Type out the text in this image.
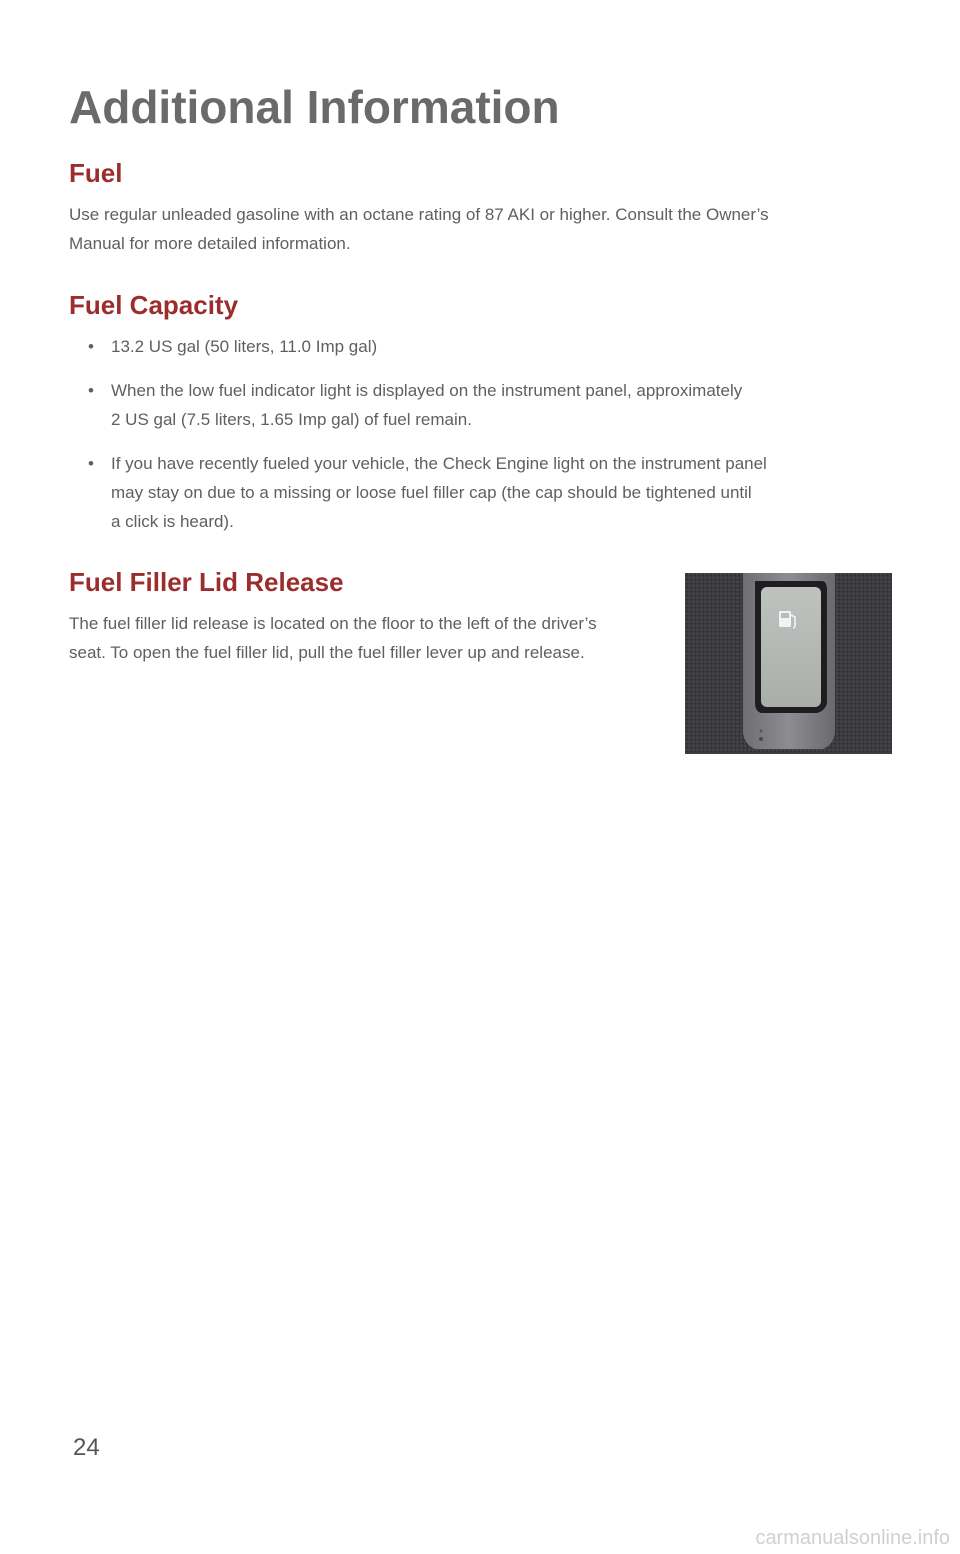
Additional Information
Fuel

Use regular unleaded gasoline with an octane rating of 87 AKI or higher. Consult the Owner’s
Manual for more detailed information.

Fuel Capacity
•	13.2 US gal (50 liters, 11.0 Imp gal)
•	When the low fuel indicator light is displayed on the instrument panel, approximately
2 US gal (7.5 liters, 1.65 Imp gal) of fuel remain.
•	If you have recently fueled your vehicle, the Check Engine light on the instrument panel
may stay on due to a missing or loose fuel filler cap (the cap should be tightened until
a click is heard).
Fuel Filler Lid Release

The fuel filler lid release is located on the floor to the left of the driver’s
seat. To open the fuel filler lid, pull the fuel filler lever up and release.

24

carmanualsonline.info
